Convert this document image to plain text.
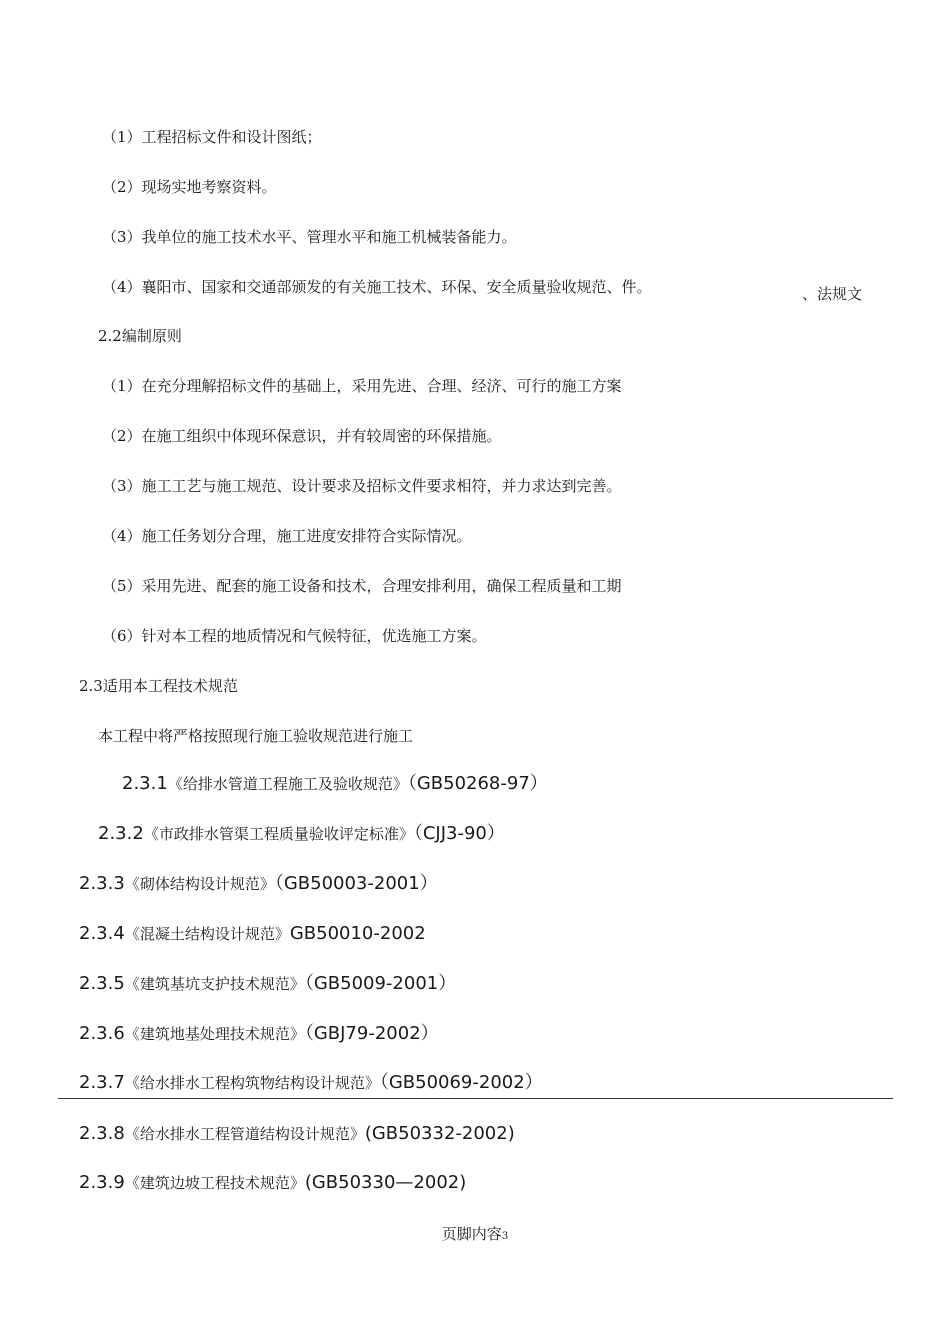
（1）工程招标文件和设计图纸；
（2）现场实地考察资料。
（3）我单位的施工技术水平、管理水平和施工机械装备能力。
（4）襄阳市、国家和交通部颁发的有关施工技术、环保、安全质量验收规范、件。	、法规文
2.2编制原则
（1）在充分理解招标文件的基础上，采用先进、合理、经济、可行的施工方案
（2）在施工组织中体现环保意识，并有较周密的环保措施。
（3）施工工艺与施工规范、设计要求及招标文件要求相符，并力求达到完善。
（4）施工任务划分合理，施工进度安排符合实际情况。
（5）采用先进、配套的施工设备和技术，合理安排利用，确保工程质量和工期
（6）针对本工程的地质情况和气候特征，优选施工方案。
2.3适用本工程技术规范
本工程中将严格按照现行施工验收规范进行施工
2.3.1《给排水管道工程施工及验收规范》（GB50268-97）
2.3.2《市政排水管渠工程质量验收评定标准》（CJJ3-90）
2.3.3《砌体结构设计规范》（GB50003-2001）
2.3.4《混凝土结构设计规范》GB50010-2002
2.3.5《建筑基坑支护技术规范》（GB5009-2001）
2.3.6《建筑地基处理技术规范》（GBJ79-2002）
2.3.7《给水排水工程构筑物结构设计规范》（GB50069-2002）
2.3.8《给水排水工程管道结构设计规范》(GB50332-2002)
2.3.9《建筑边坡工程技术规范》(GB50330—2002)
页脚内容3
